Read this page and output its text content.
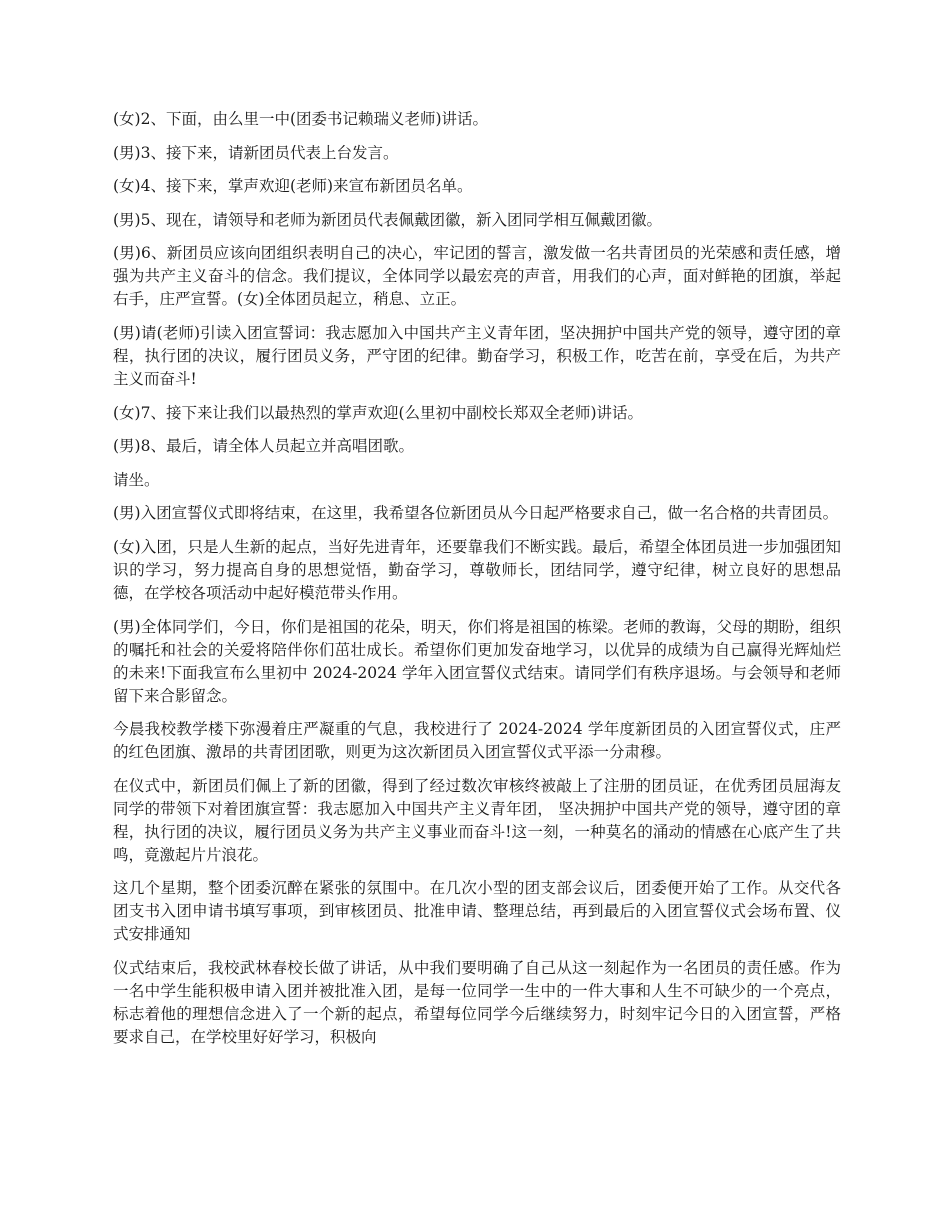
(女)2、下面，由么里一中(团委书记赖瑞义老师)讲话。

(男)3、接下来，请新团员代表上台发言。

(女)4、接下来，掌声欢迎(老师)来宣布新团员名单。

(男)5、现在，请领导和老师为新团员代表佩戴团徽，新入团同学相互佩戴团徽。

(男)6、新团员应该向团组织表明自己的决心，牢记团的誓言，激发做一名共青团员的光荣感和责任感，增强为共产主义奋斗的信念。我们提议，全体同学以最宏亮的声音，用我们的心声，面对鲜艳的团旗，举起右手，庄严宣誓。(女)全体团员起立，稍息、立正。

(男)请(老师)引读入团宣誓词：我志愿加入中国共产主义青年团，坚决拥护中国共产党的领导，遵守团的章程，执行团的决议，履行团员义务，严守团的纪律。勤奋学习，积极工作，吃苦在前，享受在后，为共产主义而奋斗!

(女)7、接下来让我们以最热烈的掌声欢迎(么里初中副校长郑双全老师)讲话。

(男)8、最后，请全体人员起立并高唱团歌。

请坐。

(男)入团宣誓仪式即将结束，在这里，我希望各位新团员从今日起严格要求自己，做一名合格的共青团员。

(女)入团，只是人生新的起点，当好先进青年，还要靠我们不断实践。最后，希望全体团员进一步加强团知识的学习，努力提高自身的思想觉悟，勤奋学习，尊敬师长，团结同学，遵守纪律，树立良好的思想品德，在学校各项活动中起好模范带头作用。

(男)全体同学们，今日，你们是祖国的花朵，明天，你们将是祖国的栋梁。老师的教诲，父母的期盼，组织的嘱托和社会的关爱将陪伴你们茁壮成长。希望你们更加发奋地学习，以优异的成绩为自己赢得光辉灿烂的未来!下面我宣布么里初中 2024-2024 学年入团宣誓仪式结束。请同学们有秩序退场。与会领导和老师留下来合影留念。

今晨我校教学楼下弥漫着庄严凝重的气息，我校进行了 2024-2024 学年度新团员的入团宣誓仪式，庄严的红色团旗、激昂的共青团团歌，则更为这次新团员入团宣誓仪式平添一分肃穆。

在仪式中，新团员们佩上了新的团徽，得到了经过数次审核终被敲上了注册的团员证，在优秀团员屈海友同学的带领下对着团旗宣誓：我志愿加入中国共产主义青年团， 坚决拥护中国共产党的领导，遵守团的章程，执行团的决议，履行团员义务为共产主义事业而奋斗!这一刻，一种莫名的涌动的情感在心底产生了共鸣，竟激起片片浪花。

这几个星期，整个团委沉醉在紧张的氛围中。在几次小型的团支部会议后，团委便开始了工作。从交代各团支书入团申请书填写事项，到审核团员、批准申请、整理总结，再到最后的入团宣誓仪式会场布置、仪式安排通知

仪式结束后，我校武林春校长做了讲话，从中我们要明确了自己从这一刻起作为一名团员的责任感。作为一名中学生能积极申请入团并被批准入团，是每一位同学一生中的一件大事和人生不可缺少的一个亮点，标志着他的理想信念进入了一个新的起点，希望每位同学今后继续努力，时刻牢记今日的入团宣誓，严格要求自己，在学校里好好学习，积极向
